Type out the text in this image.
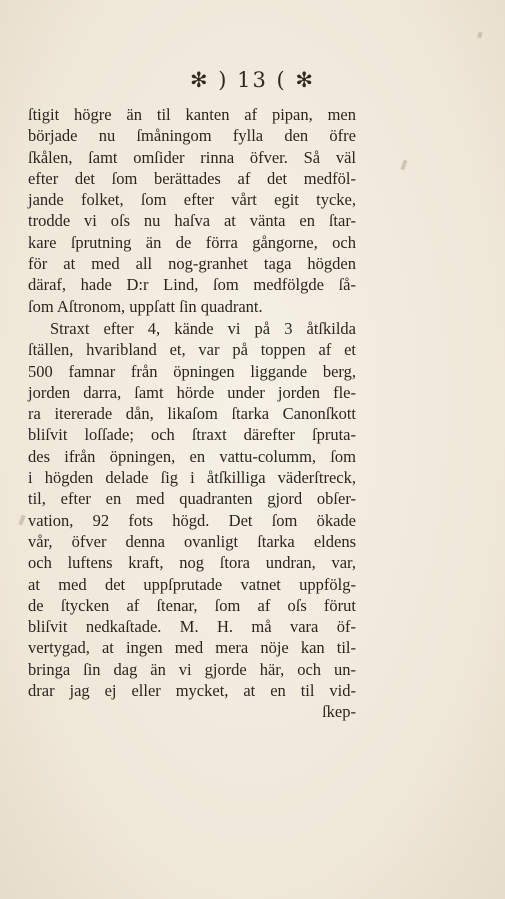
✻ ) 13 ( ✻
ſtigit högre än til kanten af pipan, men
började nu ſmåningom fylla den öfre
ſkålen, ſamt omſider rinna öfver. Så väl
efter det ſom berättades af det medföl-
jande folket, ſom efter vårt egit tycke,
trodde vi oſs nu haſva at vänta en ſtar-
kare ſprutning än de förra gångorne, och
för at med all nog-granhet taga högden
däraf, hade D:r Lind, ſom medfölgde ſå-
ſom Aſtronom, uppſatt ſin quadrant.
Straxt efter 4, kände vi på 3 åtſkilda
ſtällen, hvaribland et, var på toppen af et
500 famnar från öpningen liggande berg,
jorden darra, ſamt hörde under jorden fle-
ra itererade dån, likaſom ſtarka Canonſkott
bliſvit loſſade; och ſtraxt därefter ſpruta-
des ifrån öpningen, en vattu-columm, ſom
i högden delade ſig i åtſkilliga väderſtreck,
til, efter en med quadranten gjord obſer-
vation, 92 fots högd. Det ſom ökade
vår, öfver denna ovanligt ſtarka eldens
och luftens kraft, nog ſtora undran, var,
at med det uppſprutade vatnet uppfölg-
de ſtycken af ſtenar, ſom af oſs förut
bliſvit nedkaſtade. M. H. må vara öf-
vertygad, at ingen med mera nöje kan til-
bringa ſin dag än vi gjorde här, och un-
drar jag ej eller mycket, at en til vid-
ſkep-
